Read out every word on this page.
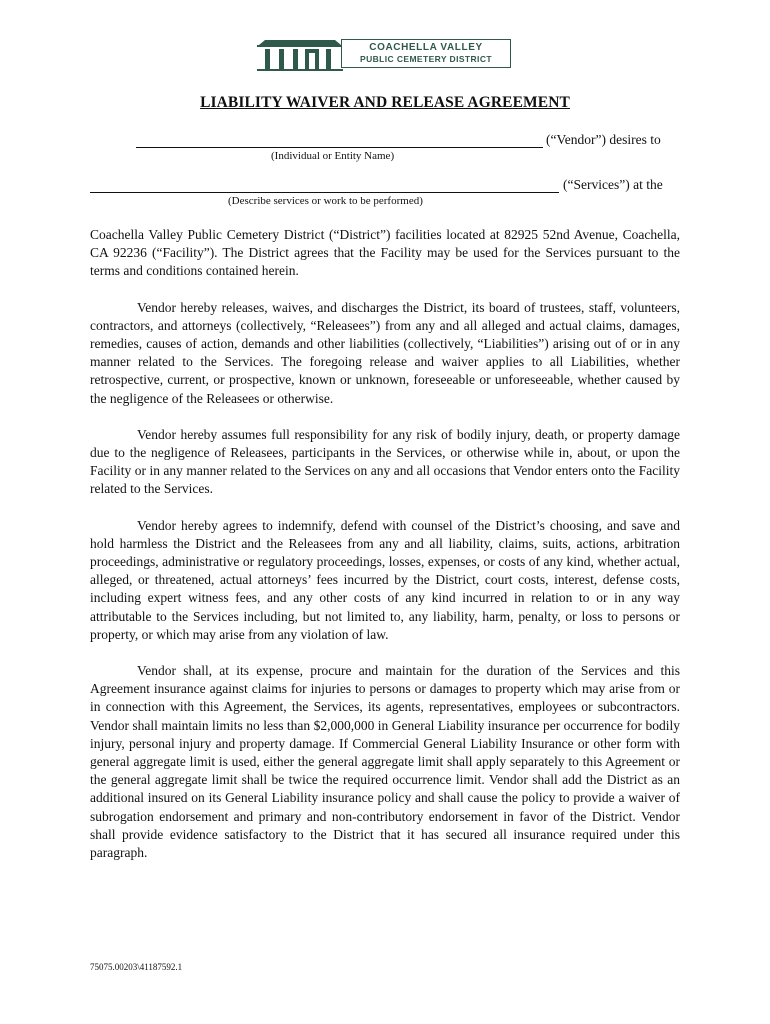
COACHELLA VALLEY
PUBLIC CEMETERY DISTRICT
LIABILITY WAIVER AND RELEASE AGREEMENT
(“Vendor”) desires to
(Individual or Entity Name)
(“Services”) at the
(Describe services or work to be performed)

Coachella Valley Public Cemetery District (“District”) facilities located at 82925 52nd Avenue, Coachella, CA 92236 (“Facility”). The District agrees that the Facility may be used for the Services pursuant to the terms and conditions contained herein.

Vendor hereby releases, waives, and discharges the District, its board of trustees, staff, volunteers, contractors, and attorneys (collectively, “Releasees”) from any and all alleged and actual claims, damages, remedies, causes of action, demands and other liabilities (collectively, “Liabilities”) arising out of or in any manner related to the Services. The foregoing release and waiver applies to all Liabilities, whether retrospective, current, or prospective, known or unknown, foreseeable or unforeseeable, whether caused by the negligence of the Releasees or otherwise.

Vendor hereby assumes full responsibility for any risk of bodily injury, death, or property damage due to the negligence of Releasees, participants in the Services, or otherwise while in, about, or upon the Facility or in any manner related to the Services on any and all occasions that Vendor enters onto the Facility related to the Services.

Vendor hereby agrees to indemnify, defend with counsel of the District’s choosing, and save and hold harmless the District and the Releasees from any and all liability, claims, suits, actions, arbitration proceedings, administrative or regulatory proceedings, losses, expenses, or costs of any kind, whether actual, alleged, or threatened, actual attorneys’ fees incurred by the District, court costs, interest, defense costs, including expert witness fees, and any other costs of any kind incurred in relation to or in any way attributable to the Services including, but not limited to, any liability, harm, penalty, or loss to persons or property, or which may arise from any violation of law.

Vendor shall, at its expense, procure and maintain for the duration of the Services and this Agreement insurance against claims for injuries to persons or damages to property which may arise from or in connection with this Agreement, the Services, its agents, representatives, employees or subcontractors. Vendor shall maintain limits no less than $2,000,000 in General Liability insurance per occurrence for bodily injury, personal injury and property damage. If Commercial General Liability Insurance or other form with general aggregate limit is used, either the general aggregate limit shall apply separately to this Agreement or the general aggregate limit shall be twice the required occurrence limit. Vendor shall add the District as an additional insured on its General Liability insurance policy and shall cause the policy to provide a waiver of subrogation endorsement and primary and non-contributory endorsement in favor of the District. Vendor shall provide evidence satisfactory to the District that it has secured all insurance required under this paragraph.

75075.00203\41187592.1
